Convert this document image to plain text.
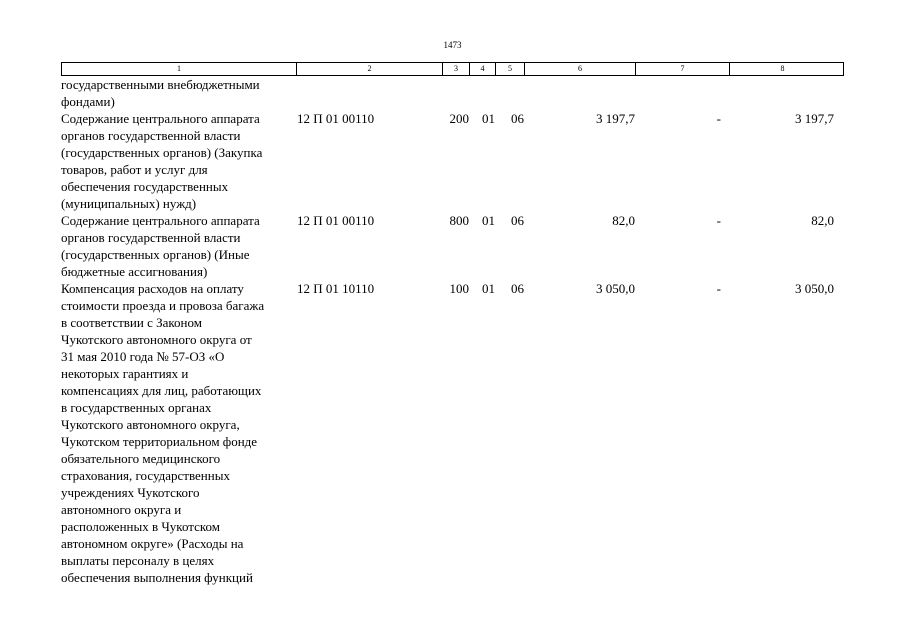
1473
1	2	3	4	5	6	7	8
государственными внебюджетными
фондами)
Содержание центрального аппарата
органов государственной власти
(государственных органов) (Закупка
товаров, работ и услуг для
обеспечения государственных
(муниципальных) нужд)
12 П 01 00110	200	01	06	3 197,7	-	3 197,7
Содержание центрального аппарата
органов государственной власти
(государственных органов) (Иные
бюджетные ассигнования)
12 П 01 00110	800	01	06	82,0	-	82,0
Компенсация расходов на оплату
стоимости проезда и провоза багажа
в соответствии с Законом
Чукотского автономного округа от
31 мая 2010 года № 57-ОЗ «О
некоторых гарантиях и
компенсациях для лиц, работающих
в государственных органах
Чукотского автономного округа,
Чукотском территориальном фонде
обязательного медицинского
страхования, государственных
учреждениях Чукотского
автономного округа и
расположенных в Чукотском
автономном округе» (Расходы на
выплаты персоналу в целях
обеспечения выполнения функций
12 П 01 10110	100	01	06	3 050,0	-	3 050,0
